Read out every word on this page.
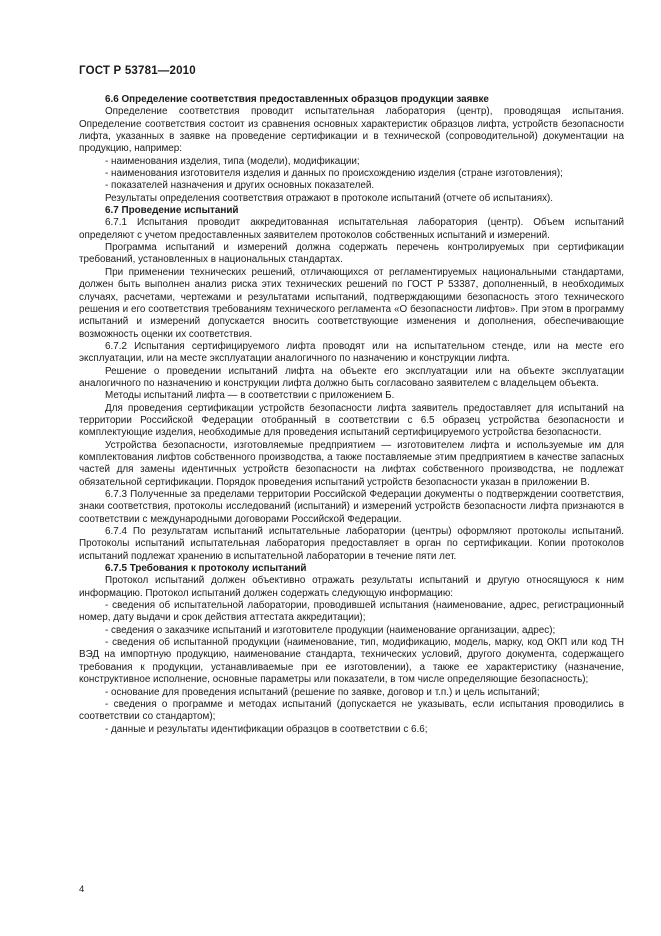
ГОСТ Р 53781—2010

6.6 Определение соответствия предоставленных образцов продукции заявке

Определение соответствия проводит испытательная лаборатория (центр), проводящая испытания. Определение соответствия состоит из сравнения основных характеристик образцов лифта, устройств безопасности лифта, указанных в заявке на проведение сертификации и в технической (сопроводительной) документации на продукцию, например:

- наименования изделия, типа (модели), модификации;

- наименования изготовителя изделия и данных по происхождению изделия (стране изготовления);

- показателей назначения и других основных показателей.

Результаты определения соответствия отражают в протоколе испытаний (отчете об испытаниях).

6.7 Проведение испытаний

6.7.1 Испытания проводит аккредитованная испытательная лаборатория (центр). Объем испытаний определяют с учетом предоставленных заявителем протоколов собственных испытаний и измерений.

Программа испытаний и измерений должна содержать перечень контролируемых при сертификации требований, установленных в национальных стандартах.

При применении технических решений, отличающихся от регламентируемых национальными стандартами, должен быть выполнен анализ риска этих технических решений по ГОСТ Р 53387, дополненный, в необходимых случаях, расчетами, чертежами и результатами испытаний, подтверждающими безопасность этого технического решения и его соответствия требованиям технического регламента «О безопасности лифтов». При этом в программу испытаний и измерений допускается вносить соответствующие изменения и дополнения, обеспечивающие возможность оценки их соответствия.

6.7.2 Испытания сертифицируемого лифта проводят или на испытательном стенде, или на месте его эксплуатации, или на месте эксплуатации аналогичного по назначению и конструкции лифта.

Решение о проведении испытаний лифта на объекте его эксплуатации или на объекте эксплуатации аналогичного по назначению и конструкции лифта должно быть согласовано заявителем с владельцем объекта.

Методы испытаний лифта — в соответствии с приложением Б.

Для проведения сертификации устройств безопасности лифта заявитель предоставляет для испытаний на территории Российской Федерации отобранный в соответствии с 6.5 образец устройства безопасности и комплектующие изделия, необходимые для проведения испытаний сертифицируемого устройства безопасности.

Устройства безопасности, изготовляемые предприятием — изготовителем лифта и используемые им для комплектования лифтов собственного производства, а также поставляемые этим предприятием в качестве запасных частей для замены идентичных устройств безопасности на лифтах собственного производства, не подлежат обязательной сертификации. Порядок проведения испытаний устройств безопасности указан в приложении В.

6.7.3 Полученные за пределами территории Российской Федерации документы о подтверждении соответствия, знаки соответствия, протоколы исследований (испытаний) и измерений устройств безопасности лифта признаются в соответствии с международными договорами Российской Федерации.

6.7.4 По результатам испытаний испытательные лаборатории (центры) оформляют протоколы испытаний. Протоколы испытаний испытательная лаборатория предоставляет в орган по сертификации. Копии протоколов испытаний подлежат хранению в испытательной лаборатории в течение пяти лет.

6.7.5 Требования к протоколу испытаний

Протокол испытаний должен объективно отражать результаты испытаний и другую относящуюся к ним информацию. Протокол испытаний должен содержать следующую информацию:

- сведения об испытательной лаборатории, проводившей испытания (наименование, адрес, регистрационный номер, дату выдачи и срок действия аттестата аккредитации);

- сведения о заказчике испытаний и изготовителе продукции (наименование организации, адрес);

- сведения об испытанной продукции (наименование, тип, модификацию, модель, марку, код ОКП или код ТН ВЭД на импортную продукцию, наименование стандарта, технических условий, другого документа, содержащего требования к продукции, устанавливаемые при ее изготовлении), а также ее характеристику (назначение, конструктивное исполнение, основные параметры или показатели, в том числе определяющие безопасность);

- основание для проведения испытаний (решение по заявке, договор и т.п.) и цель испытаний;

- сведения о программе и методах испытаний (допускается не указывать, если испытания проводились в соответствии со стандартом);

- данные и результаты идентификации образцов в соответствии с 6.6;

4
